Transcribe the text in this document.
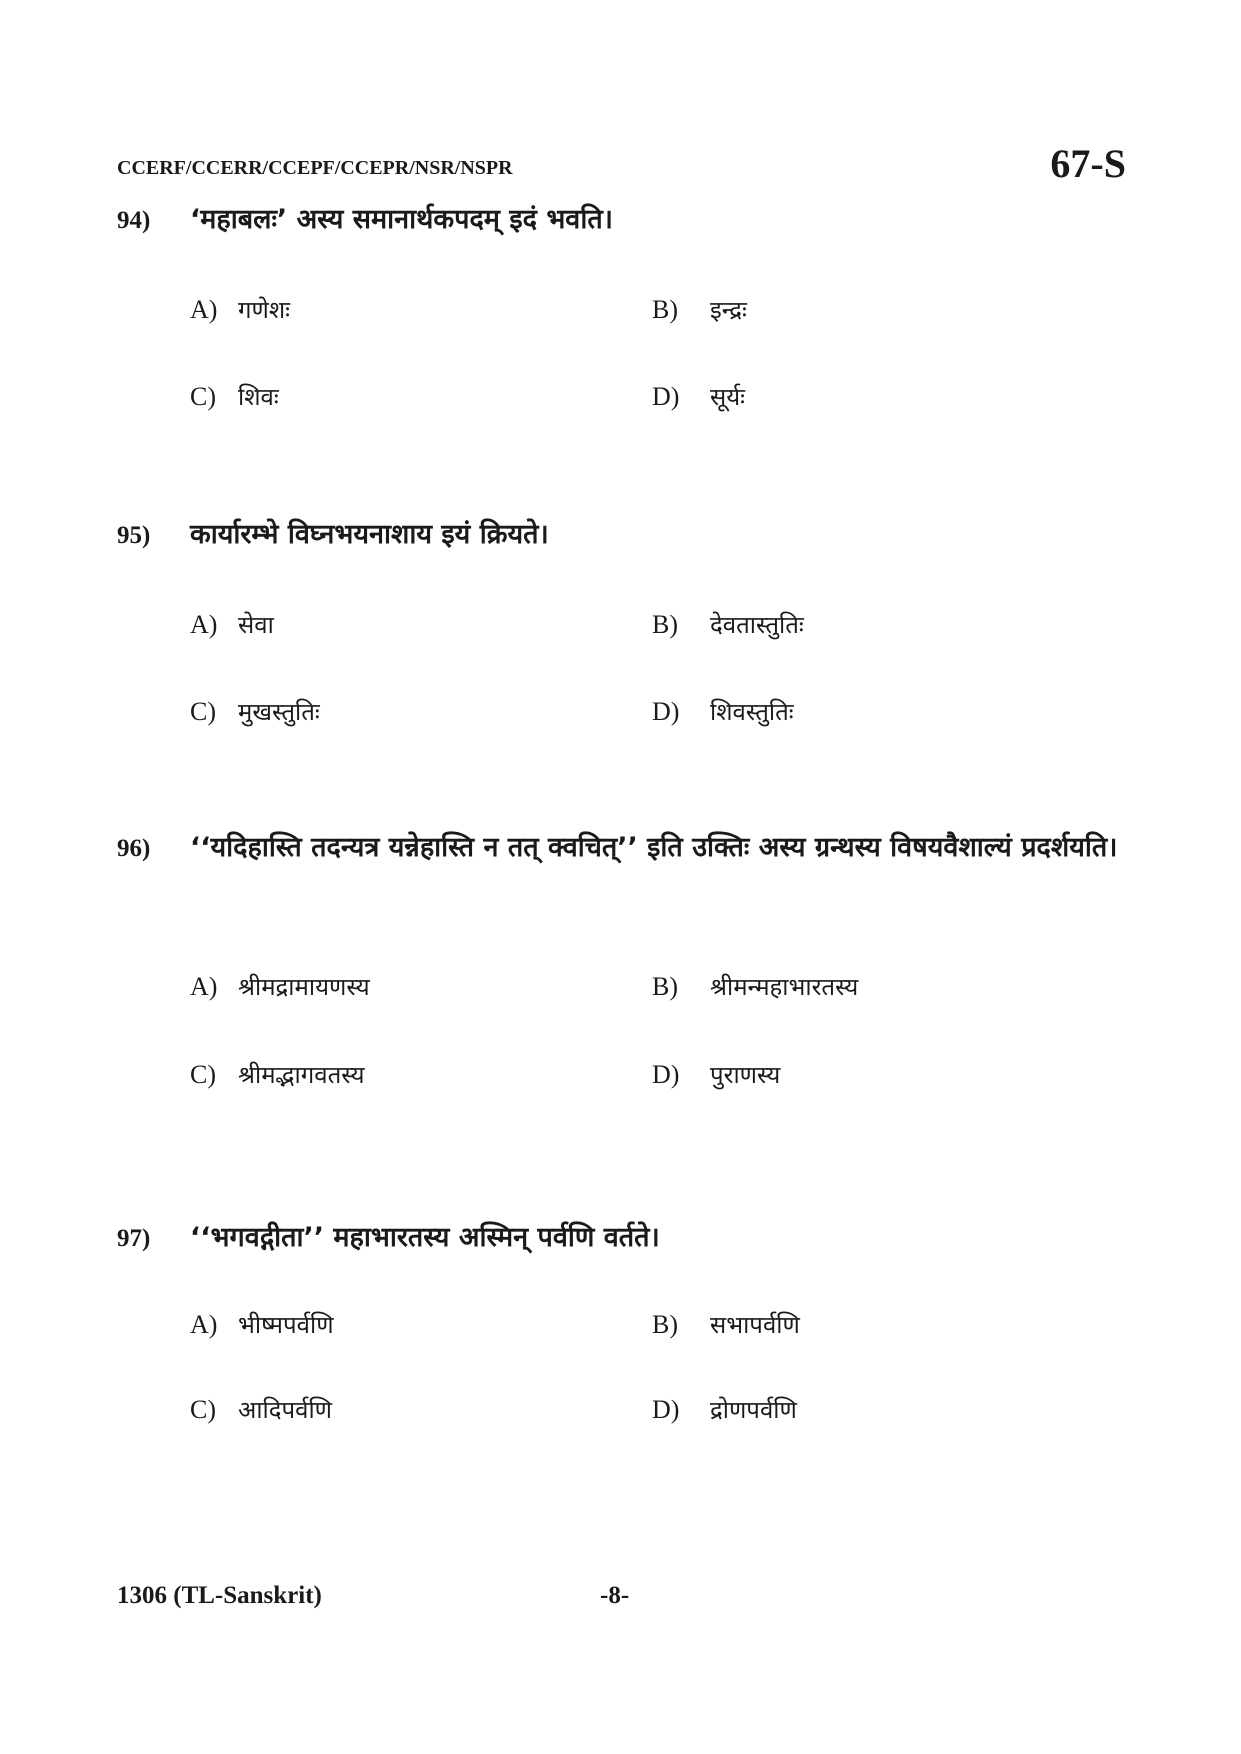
CCERF/CCERR/CCEPF/CCEPR/NSR/NSPR	67-S
94) ‘महाबलः’ अस्य समानार्थकपदम् इदं भवति।
A) गणेशः	B) इन्द्रः
C) शिवः	D) सूर्यः
95) कार्यारम्भे विघ्नभयनाशाय इयं क्रियते।
A) सेवा	B) देवतास्तुतिः
C) मुखस्तुतिः	D) शिवस्तुतिः
96) ‘‘यदिहास्ति तदन्यत्र यन्नेहास्ति न तत् क्वचित्’’ इति उक्तिः अस्य ग्रन्थस्य विषयवैशाल्यं प्रदर्शयति।
A) श्रीमद्रामायणस्य	B) श्रीमन्महाभारतस्य
C) श्रीमद्भागवतस्य	D) पुराणस्य
97) ‘‘भगवद्गीता’’ महाभारतस्य अस्मिन् पर्वणि वर्तते।
A) भीष्मपर्वणि	B) सभापर्वणि
C) आदिपर्वणि	D) द्रोणपर्वणि
1306 (TL-Sanskrit)	-8-
